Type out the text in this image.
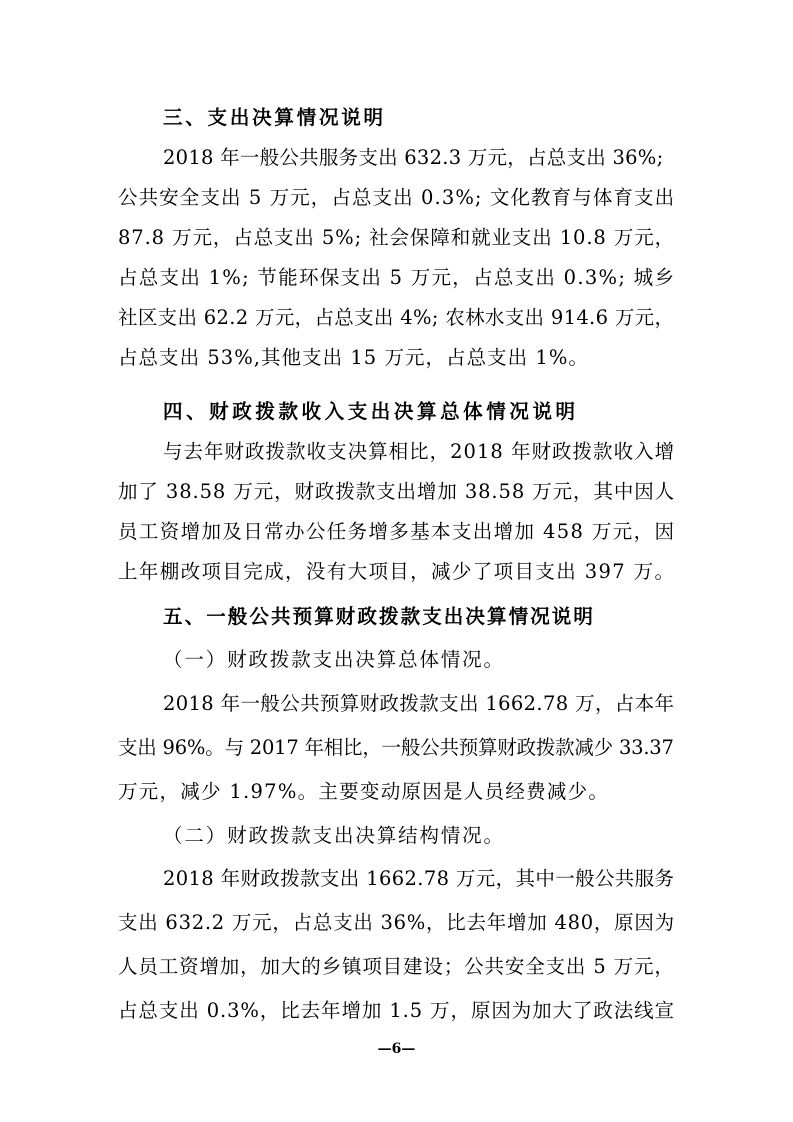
三、支出决算情况说明
2018 年一般公共服务支出 632.3 万元，占总支出 36%;
公共安全支出 5 万元，占总支出 0.3%; 文化教育与体育支出
87.8 万元，占总支出 5%; 社会保障和就业支出 10.8 万元，
占总支出 1%; 节能环保支出 5 万元，占总支出 0.3%; 城乡
社区支出 62.2 万元，占总支出 4%; 农林水支出 914.6 万元，
占总支出 53%,其他支出 15 万元，占总支出 1%。
四、财政拨款收入支出决算总体情况说明
与去年财政拨款收支决算相比，2018 年财政拨款收入增
加了 38.58 万元，财政拨款支出增加 38.58 万元，其中因人
员工资增加及日常办公任务增多基本支出增加 458 万元，因
上年棚改项目完成，没有大项目，减少了项目支出 397 万。
五、一般公共预算财政拨款支出决算情况说明
（一）财政拨款支出决算总体情况。
2018 年一般公共预算财政拨款支出 1662.78 万，占本年
支出 96%。与 2017 年相比，一般公共预算财政拨款减少 33.37
万元，减少 1.97%。主要变动原因是人员经费减少。
（二）财政拨款支出决算结构情况。
2018 年财政拨款支出 1662.78 万元，其中一般公共服务
支出 632.2 万元，占总支出 36%，比去年增加 480，原因为
人员工资增加，加大的乡镇项目建设；公共安全支出 5 万元，
占总支出 0.3%，比去年增加 1.5 万，原因为加大了政法线宣
—6—
